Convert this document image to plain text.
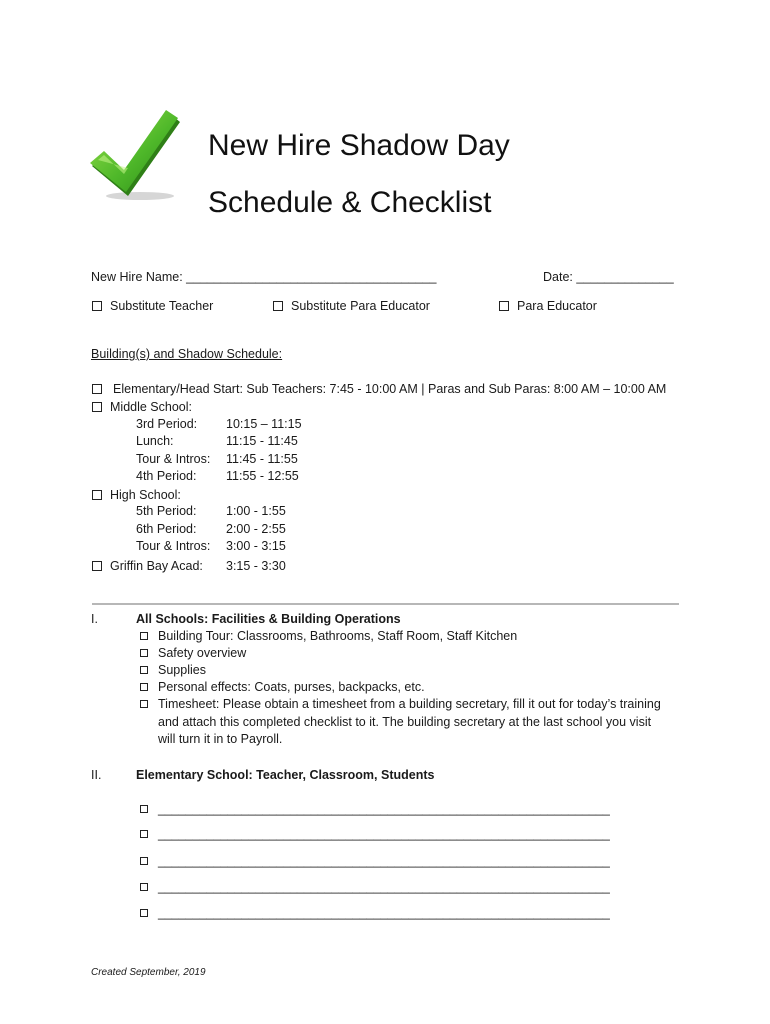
New Hire Shadow Day
Schedule & Checklist
New Hire Name: ____________________________________	Date: ______________
Substitute Teacher	Substitute Para Educator	Para Educator
Building(s) and Shadow Schedule:
Elementary/Head Start: Sub Teachers: 7:45 - 10:00 AM | Paras and Sub Paras: 8:00 AM – 10:00 AM
Middle School:
3rd Period: 10:15 – 11:15
Lunch:	11:15 - 11:45
Tour & Intros: 11:45 - 11:55
4th Period: 11:55 - 12:55
High School:
5th Period: 1:00 - 1:55
6th Period: 2:00 - 2:55
Tour & Intros: 3:00 - 3:15
Griffin Bay Acad: 3:15 - 3:30
I.	All Schools: Facilities & Building Operations
Building Tour: Classrooms, Bathrooms, Staff Room, Staff Kitchen
Safety overview
Supplies
Personal effects: Coats, purses, backpacks, etc.
Timesheet: Please obtain a timesheet from a building secretary, fill it out for today’s training
and attach this completed checklist to it. The building secretary at the last school you visit
will turn it in to Payroll.
II.	Elementary School: Teacher, Classroom, Students
_________________________________________________________________
_________________________________________________________________
_________________________________________________________________
_________________________________________________________________
_________________________________________________________________
Created September, 2019
